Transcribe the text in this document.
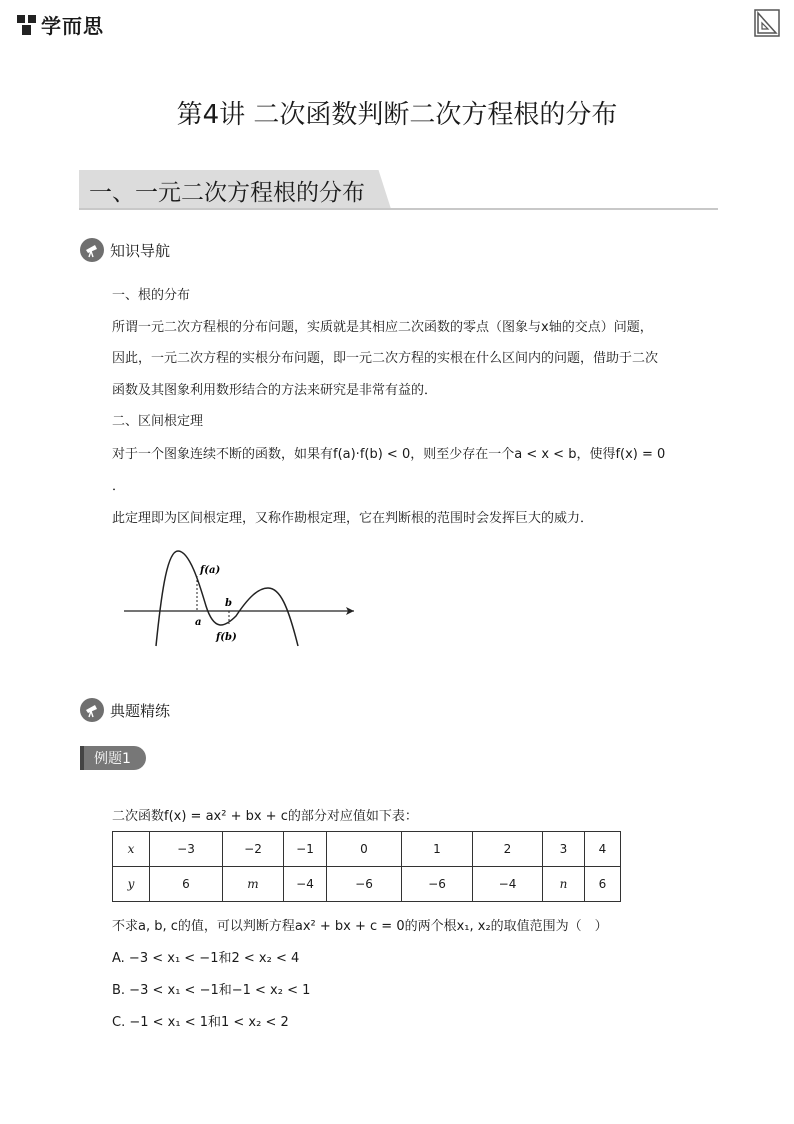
学而思
第4讲 二次函数判断二次方程根的分布
一、一元二次方程根的分布
知识导航
一、根的分布
所谓一元二次方程根的分布问题，实质就是其相应二次函数的零点（图象与x轴的交点）问题，
因此，一元二次方程的实根分布问题，即一元二次方程的实根在什么区间内的问题，借助于二次
函数及其图象利用数形结合的方法来研究是非常有益的．
二、区间根定理
对于一个图象连续不断的函数，如果有f(a)·f(b) < 0，则至少存在一个a < x < b，使得f(x) = 0
．
此定理即为区间根定理，又称作勘根定理，它在判断根的范围时会发挥巨大的威力．
f(a)
a
b
f(b)
典题精练
例题1
二次函数f(x) = ax² + bx + c的部分对应值如下表：
x	−3	−2	−1	0	1	2	3	4
y	6	m	−4	−6	−6	−4	n	6
不求a, b, c的值，可以判断方程ax² + bx + c = 0的两个根x₁, x₂的取值范围为（　）
A. −3 < x₁ < −1和2 < x₂ < 4
B. −3 < x₁ < −1和−1 < x₂ < 1
C. −1 < x₁ < 1和1 < x₂ < 2
